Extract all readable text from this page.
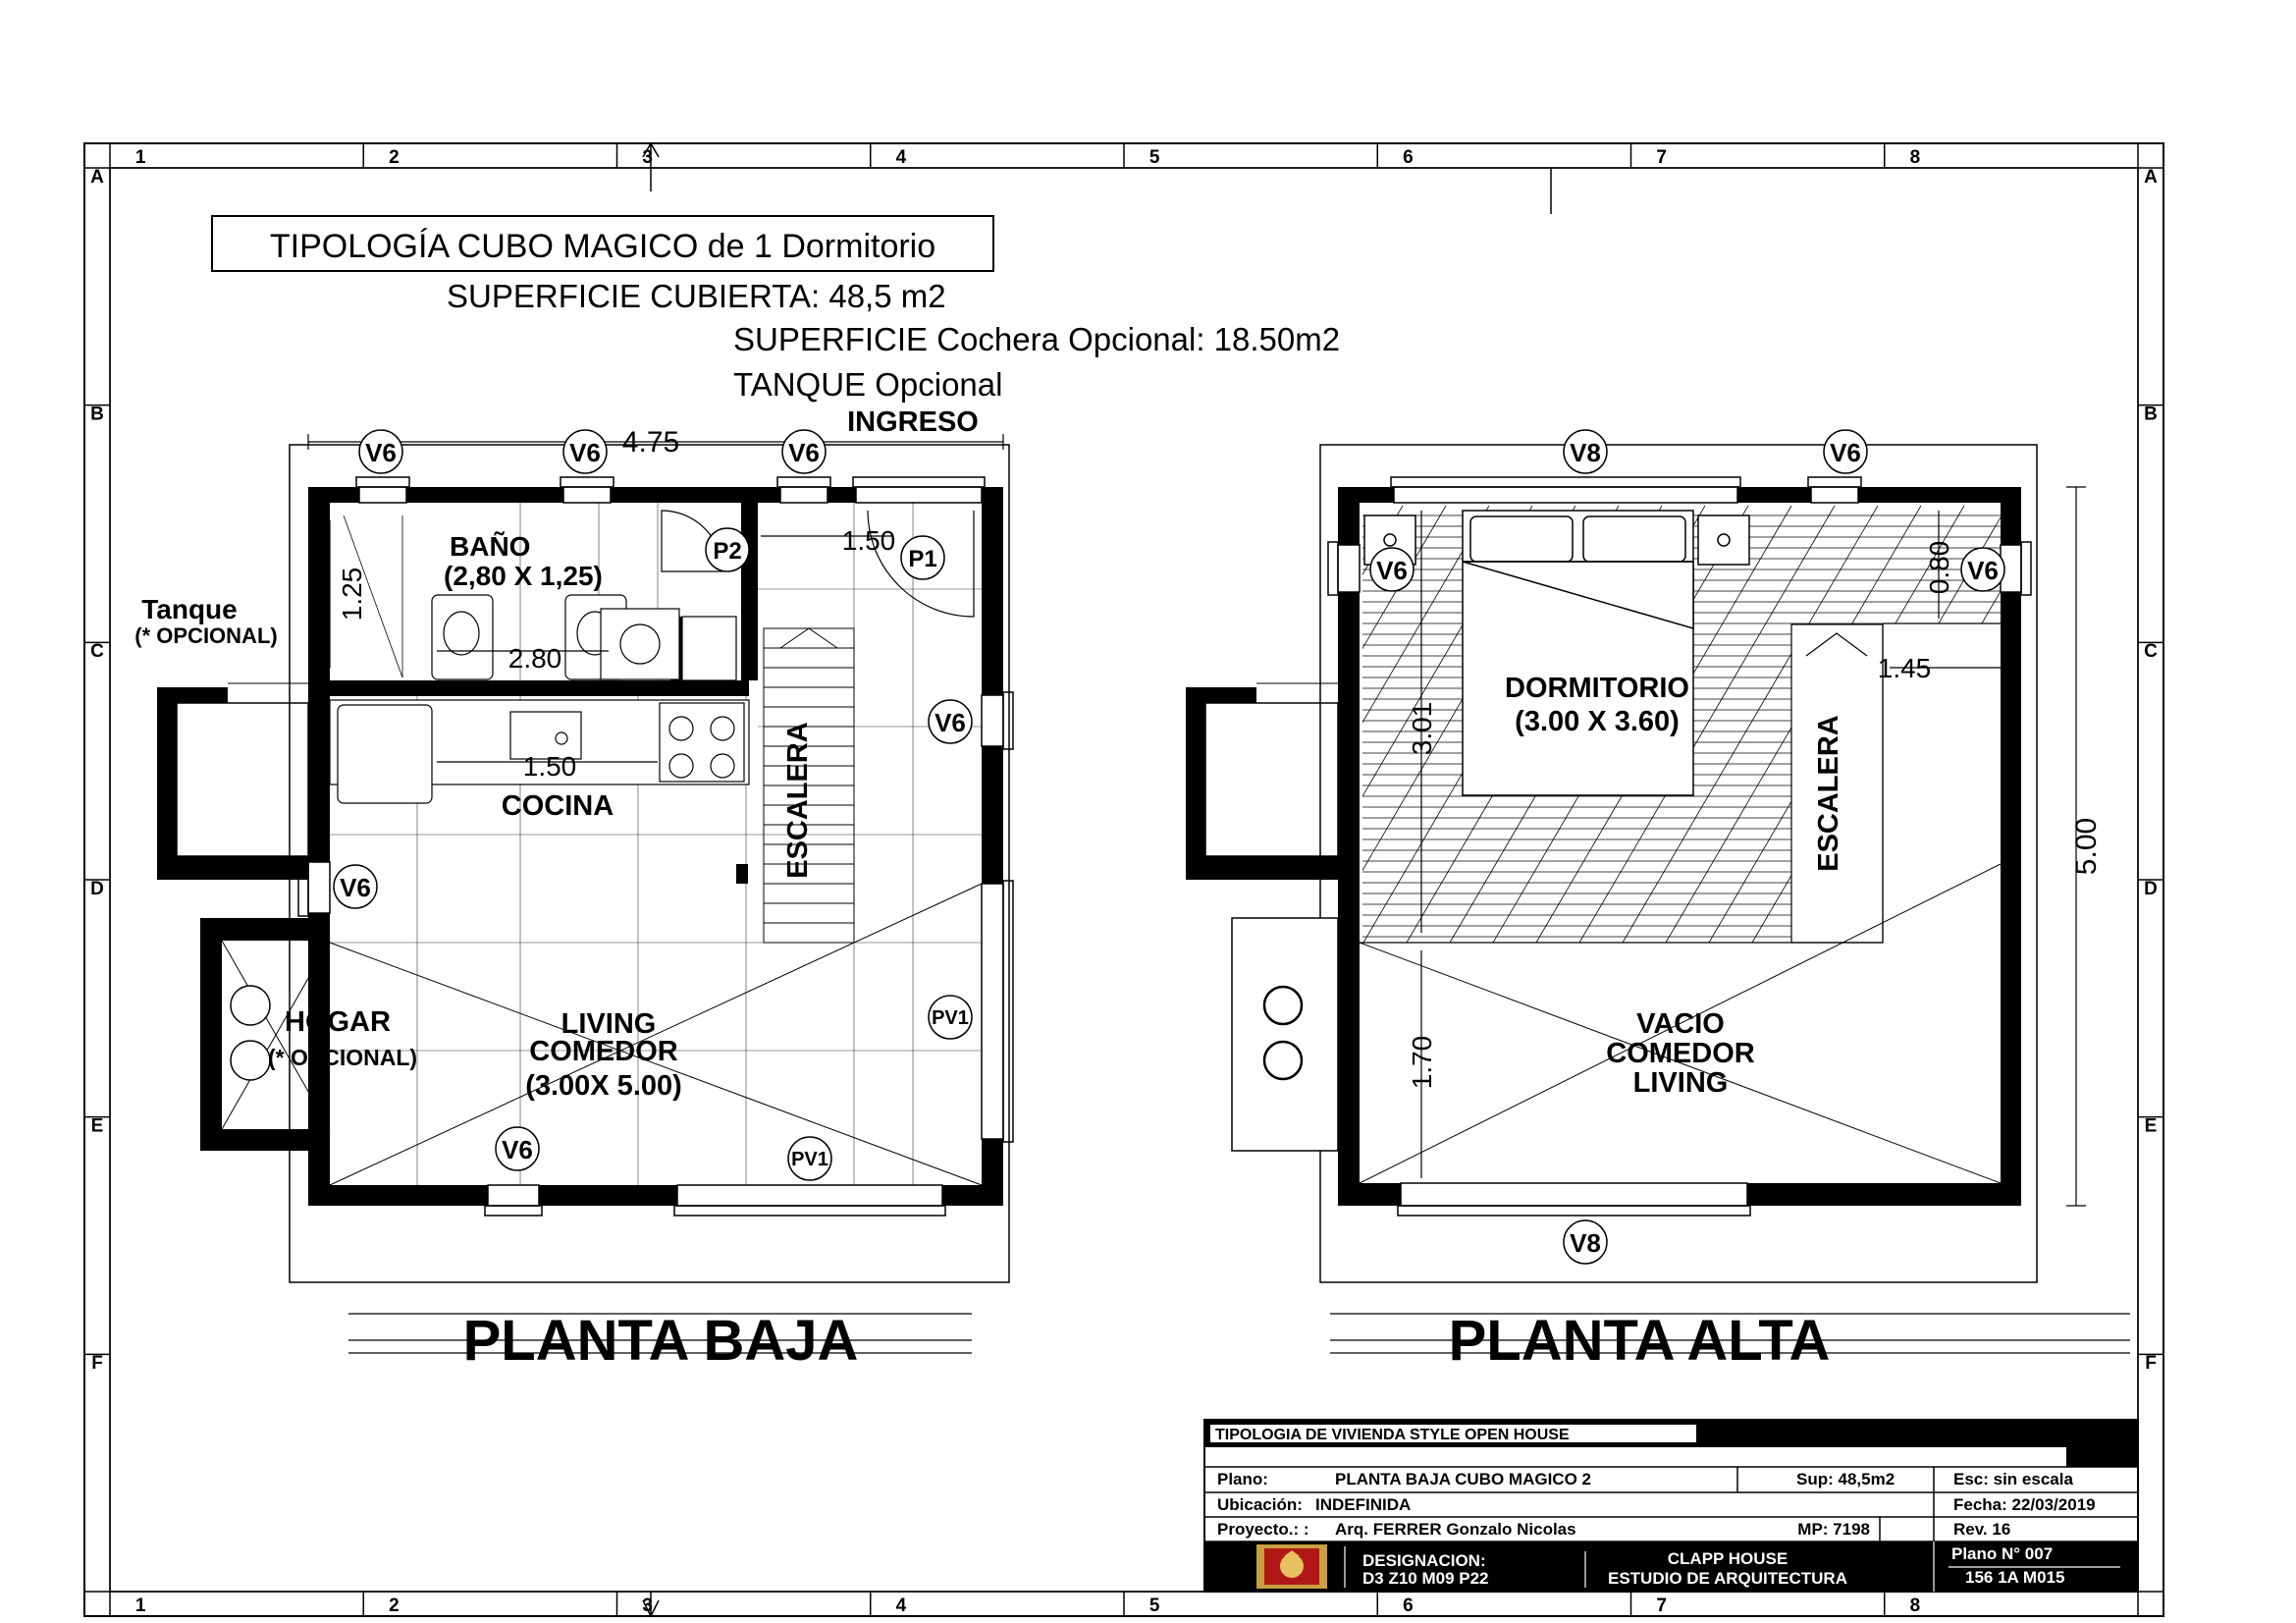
1
1
2
2
3
3
4
4
5
5
6
6
7
7
8
8
A	A
B	B
C	C
D	D
E	E
F	F
TIPOLOGÍA CUBO MAGICO de 1 Dormitorio
SUPERFICIE CUBIERTA: 48,5 m2
SUPERFICIE Cochera Opcional: 18.50m2
TANQUE Opcional
4.75
INGRESO
BAÑO
(2,80 X 1,25)
1.25
2.80
1.50
1.50
COCINA	ESCALERA
Tanque
(* OPCIONAL)
HOGAR
(* OPCIONAL)
LIVING
COMEDOR
(3.00X 5.00)
V6	V6	V6
P2	P1
V6
V6
PV1
V6	PV1
PLANTA BAJA
DORMITORIO
(3.00 X 3.60)	ESCALERA
VACIO
COMEDOR
LIVING
3.01
1.70
0.80
1.45
5.00
V8	V6
V6	V6
V8
PLANTA ALTA
TIPOLOGIA DE VIVIENDA STYLE OPEN HOUSE
Plano:	PLANTA BAJA CUBO MAGICO 2	Sup: 48,5m2	Esc: sin escala
Ubicación: INDEFINIDA	Fecha: 22/03/2019
Proyecto.: : Arq. FERRER Gonzalo Nicolas	MP: 7198	Rev. 16
DESIGNACION:
D3 Z10 M09 P22
CLAPP HOUSE
ESTUDIO DE ARQUITECTURA
Plano N° 007
156 1A M015
